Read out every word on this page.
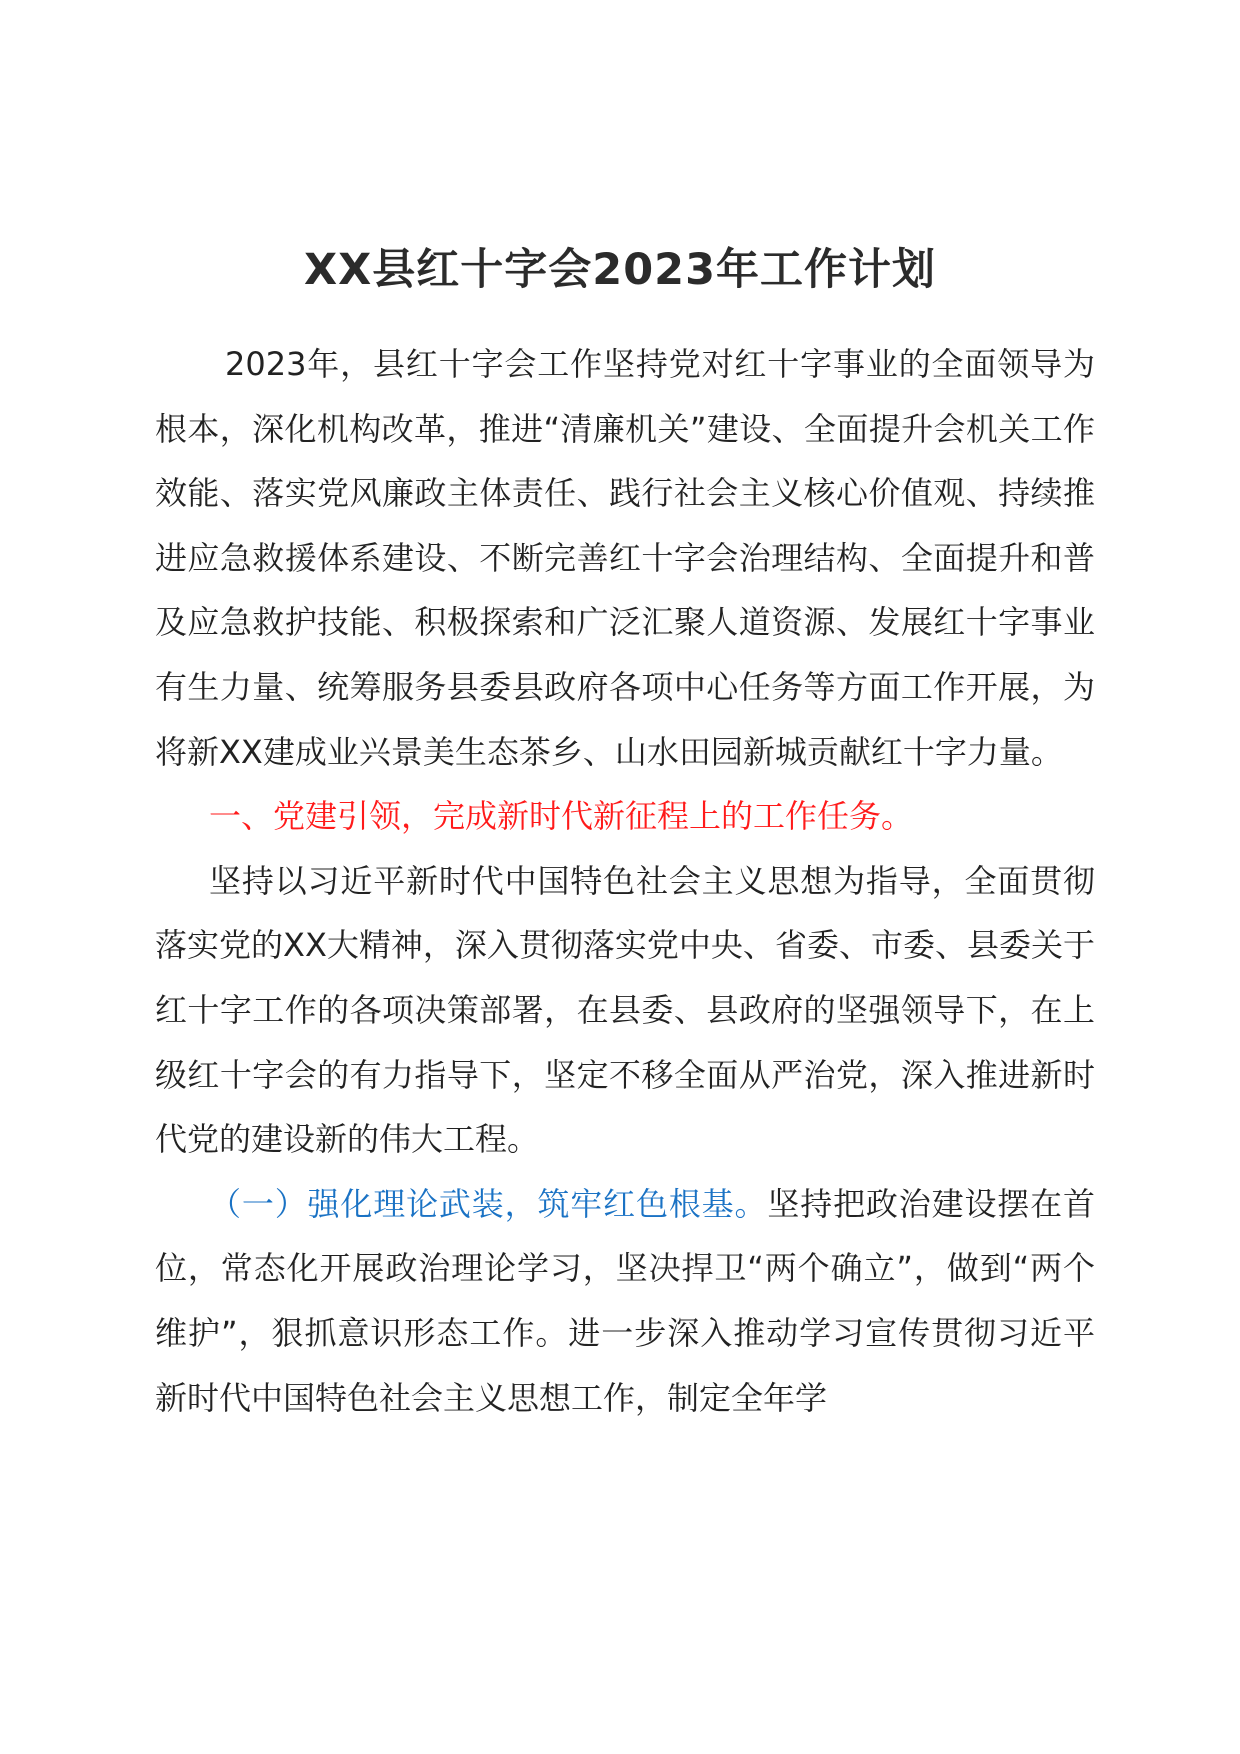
XX县红十字会2023年工作计划

2023年，县红十字会工作坚持党对红十字事业的全面领导为根本，深化机构改革，推进“清廉机关”建设、全面提升会机关工作效能、落实党风廉政主体责任、践行社会主义核心价值观、持续推进应急救援体系建设、不断完善红十字会治理结构、全面提升和普及应急救护技能、积极探索和广泛汇聚人道资源、发展红十字事业有生力量、统筹服务县委县政府各项中心任务等方面工作开展，为将新XX建成业兴景美生态茶乡、山水田园新城贡献红十字力量。

一、党建引领，完成新时代新征程上的工作任务。

坚持以习近平新时代中国特色社会主义思想为指导，全面贯彻落实党的XX大精神，深入贯彻落实党中央、省委、市委、县委关于红十字工作的各项决策部署，在县委、县政府的坚强领导下，在上级红十字会的有力指导下，坚定不移全面从严治党，深入推进新时代党的建设新的伟大工程。

（一）强化理论武装，筑牢红色根基。坚持把政治建设摆在首位，常态化开展政治理论学习，坚决捍卫“两个确立”，做到“两个维护”，狠抓意识形态工作。进一步深入推动学习宣传贯彻习近平新时代中国特色社会主义思想工作，制定全年学
